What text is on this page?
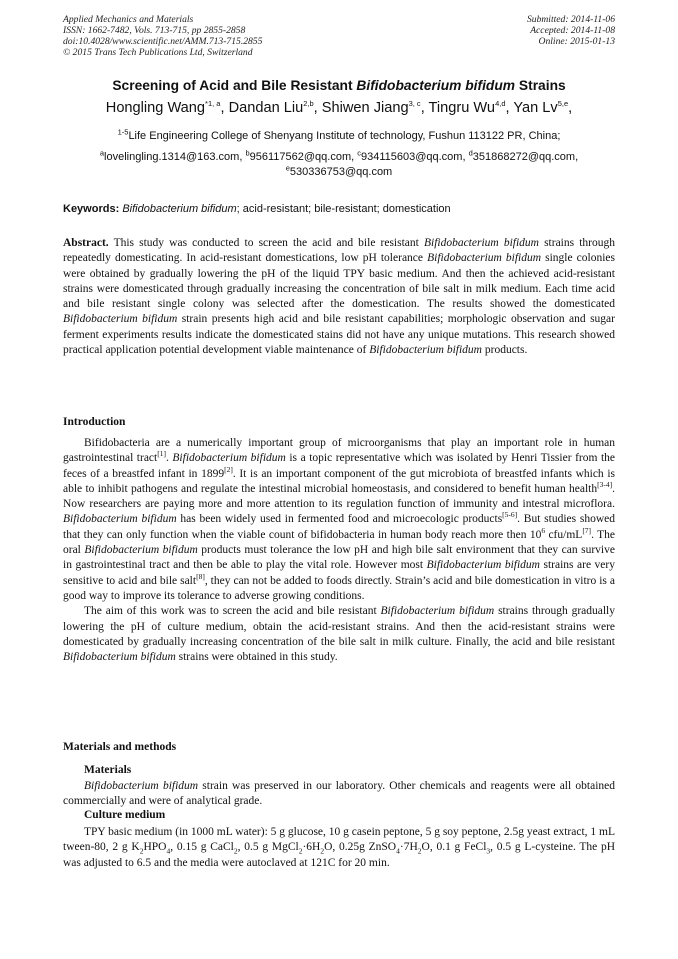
Applied Mechanics and Materials
ISSN: 1662-7482, Vols. 713-715, pp 2855-2858
doi:10.4028/www.scientific.net/AMM.713-715.2855
© 2015 Trans Tech Publications Ltd, Switzerland
Submitted: 2014-11-06
Accepted: 2014-11-08
Online: 2015-01-13
Screening of Acid and Bile Resistant Bifidobacterium bifidum Strains
Hongling Wang$^{*1, a}$, Dandan Liu$^{2,b}$, Shiwen Jiang$^{3, c}$, Tingru Wu$^{4,d}$, Yan Lv$^{5,e}$,
$^{1-5}$Life Engineering College of Shenyang Institute of technology, Fushun 113122 PR, China;
$^a$lovelingling.1314@163.com, $^b$956117562@qq.com, $^c$934115603@qq.com, $^d$351868272@qq.com,
$^e$530336753@qq.com
Keywords: Bifidobacterium bifidum; acid-resistant; bile-resistant; domestication
Abstract. This study was conducted to screen the acid and bile resistant Bifidobacterium bifidum strains through repeatedly domesticating. In acid-resistant domestications, low pH tolerance Bifidobacterium bifidum single colonies were obtained by gradually lowering the pH of the liquid TPY basic medium. And then the achieved acid-resistant strains were domesticated through gradually increasing the concentration of bile salt in milk medium. Each time acid and bile resistant single colony was selected after the domestication. The results showed the domesticated Bifidobacterium bifidum strain presents high acid and bile resistant capabilities; morphologic observation and sugar ferment experiments results indicate the domesticated stains did not have any unique mutations. This research showed practical application potential development viable maintenance of Bifidobacterium bifidum products.
Introduction

Bifidobacteria are a numerically important group of microorganisms that play an important role in human gastrointestinal tract[1]. Bifidobacterium bifidum is a topic representative which was isolated by Henri Tissier from the feces of a breastfed infant in 1899[2]. It is an important component of the gut microbiota of breastfed infants which is able to inhibit pathogens and regulate the intestinal microbial homeostasis, and considered to benefit human health[3-4]. Now researchers are paying more and more attention to its regulation function of immunity and intestral microflora. Bifidobacterium bifidum has been widely used in fermented food and microecologic products[5-6]. But studies showed that they can only function when the viable count of bifidobacteria in human body reach more then $10^6$ cfu/mL[7]. The oral Bifidobacterium bifidum products must tolerance the low pH and high bile salt environment that they can survive in gastrointestinal tract and then be able to play the vital role. However most Bifidobacterium bifidum strains are very sensitive to acid and bile salt[8], they can not be added to foods directly. Strain’s acid and bile domestication in vitro is a good way to improve its tolerance to adverse growing conditions.

The aim of this work was to screen the acid and bile resistant Bifidobacterium bifidum strains through gradually lowering the pH of culture medium, obtain the acid-resistant strains. And then the acid-resistant strains were domesticated by gradually increasing concentration of the bile salt in milk culture. Finally, the acid and bile resistant Bifidobacterium bifidum strains were obtained in this study.

Materials and methods
Materials

Bifidobacterium bifidum strain was preserved in our laboratory. Other chemicals and reagents were all obtained commercially and were of analytical grade.

Culture medium

TPY basic medium (in 1000 mL water): 5 g glucose, 10 g casein peptone, 5 g soy peptone, 2.5g yeast extract, 1 mL tween-80, 2 g $K_2HPO_4$, 0.15 g CaCl$_2$, 0.5 g $MgCl_2\cdot 6H_2O$, 0.25g $ZnSO_4\cdot 7H_2O$, 0.1 g FeCl$_3$, 0.5 g L-cysteine. The pH was adjusted to 6.5 and the media were autoclaved at 121C for 20 min.
